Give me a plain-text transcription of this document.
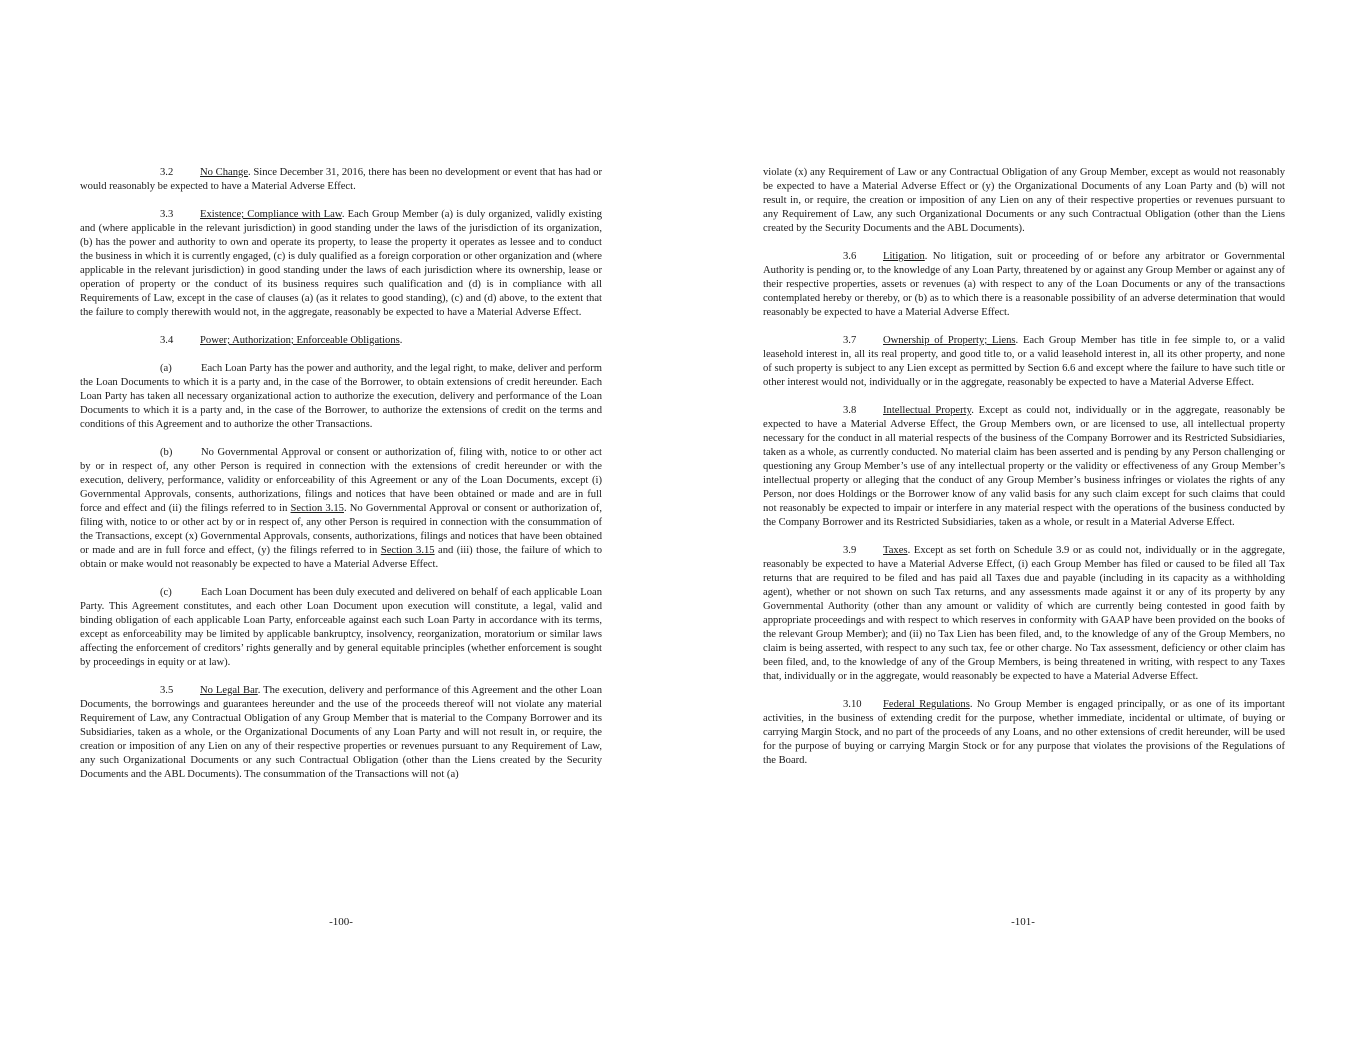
3.2	No Change. Since December 31, 2016, there has been no development or event that has had or would reasonably be expected to have a Material Adverse Effect.

3.3	Existence; Compliance with Law. Each Group Member (a) is duly organized, validly existing and (where applicable in the relevant jurisdiction) in good standing under the laws of the jurisdiction of its organization, (b) has the power and authority to own and operate its property, to lease the property it operates as lessee and to conduct the business in which it is currently engaged, (c) is duly qualified as a foreign corporation or other organization and (where applicable in the relevant jurisdiction) in good standing under the laws of each jurisdiction where its ownership, lease or operation of property or the conduct of its business requires such qualification and (d) is in compliance with all Requirements of Law, except in the case of clauses (a) (as it relates to good standing), (c) and (d) above, to the extent that the failure to comply therewith would not, in the aggregate, reasonably be expected to have a Material Adverse Effect.

3.4	Power; Authorization; Enforceable Obligations.

(a)	Each Loan Party has the power and authority, and the legal right, to make, deliver and perform the Loan Documents to which it is a party and, in the case of the Borrower, to obtain extensions of credit hereunder. Each Loan Party has taken all necessary organizational action to authorize the execution, delivery and performance of the Loan Documents to which it is a party and, in the case of the Borrower, to authorize the extensions of credit on the terms and conditions of this Agreement and to authorize the other Transactions.

(b)	No Governmental Approval or consent or authorization of, filing with, notice to or other act by or in respect of, any other Person is required in connection with the extensions of credit hereunder or with the execution, delivery, performance, validity or enforceability of this Agreement or any of the Loan Documents, except (i) Governmental Approvals, consents, authorizations, filings and notices that have been obtained or made and are in full force and effect and (ii) the filings referred to in Section 3.15. No Governmental Approval or consent or authorization of, filing with, notice to or other act by or in respect of, any other Person is required in connection with the consummation of the Transactions, except (x) Governmental Approvals, consents, authorizations, filings and notices that have been obtained or made and are in full force and effect, (y) the filings referred to in Section 3.15 and (iii) those, the failure of which to obtain or make would not reasonably be expected to have a Material Adverse Effect.

(c)	Each Loan Document has been duly executed and delivered on behalf of each applicable Loan Party. This Agreement constitutes, and each other Loan Document upon execution will constitute, a legal, valid and binding obligation of each applicable Loan Party, enforceable against each such Loan Party in accordance with its terms, except as enforceability may be limited by applicable bankruptcy, insolvency, reorganization, moratorium or similar laws affecting the enforcement of creditors’ rights generally and by general equitable principles (whether enforcement is sought by proceedings in equity or at law).

3.5	No Legal Bar. The execution, delivery and performance of this Agreement and the other Loan Documents, the borrowings and guarantees hereunder and the use of the proceeds thereof will not violate any material Requirement of Law, any Contractual Obligation of any Group Member that is material to the Company Borrower and its Subsidiaries, taken as a whole, or the Organizational Documents of any Loan Party and will not result in, or require, the creation or imposition of any Lien on any of their respective properties or revenues pursuant to any Requirement of Law, any such Organizational Documents or any such Contractual Obligation (other than the Liens created by the Security Documents and the ABL Documents). The consummation of the Transactions will not (a)

-100-

violate (x) any Requirement of Law or any Contractual Obligation of any Group Member, except as would not reasonably be expected to have a Material Adverse Effect or (y) the Organizational Documents of any Loan Party and (b) will not result in, or require, the creation or imposition of any Lien on any of their respective properties or revenues pursuant to any Requirement of Law, any such Organizational Documents or any such Contractual Obligation (other than the Liens created by the Security Documents and the ABL Documents).

3.6	Litigation. No litigation, suit or proceeding of or before any arbitrator or Governmental Authority is pending or, to the knowledge of any Loan Party, threatened by or against any Group Member or against any of their respective properties, assets or revenues (a) with respect to any of the Loan Documents or any of the transactions contemplated hereby or thereby, or (b) as to which there is a reasonable possibility of an adverse determination that would reasonably be expected to have a Material Adverse Effect.

3.7	Ownership of Property; Liens. Each Group Member has title in fee simple to, or a valid leasehold interest in, all its real property, and good title to, or a valid leasehold interest in, all its other property, and none of such property is subject to any Lien except as permitted by Section 6.6 and except where the failure to have such title or other interest would not, individually or in the aggregate, reasonably be expected to have a Material Adverse Effect.

3.8	Intellectual Property. Except as could not, individually or in the aggregate, reasonably be expected to have a Material Adverse Effect, the Group Members own, or are licensed to use, all intellectual property necessary for the conduct in all material respects of the business of the Company Borrower and its Restricted Subsidiaries, taken as a whole, as currently conducted. No material claim has been asserted and is pending by any Person challenging or questioning any Group Member’s use of any intellectual property or the validity or effectiveness of any Group Member’s intellectual property or alleging that the conduct of any Group Member’s business infringes or violates the rights of any Person, nor does Holdings or the Borrower know of any valid basis for any such claim except for such claims that could not reasonably be expected to impair or interfere in any material respect with the operations of the business conducted by the Company Borrower and its Restricted Subsidiaries, taken as a whole, or result in a Material Adverse Effect.

3.9	Taxes. Except as set forth on Schedule 3.9 or as could not, individually or in the aggregate, reasonably be expected to have a Material Adverse Effect, (i) each Group Member has filed or caused to be filed all Tax returns that are required to be filed and has paid all Taxes due and payable (including in its capacity as a withholding agent), whether or not shown on such Tax returns, and any assessments made against it or any of its property by any Governmental Authority (other than any amount or validity of which are currently being contested in good faith by appropriate proceedings and with respect to which reserves in conformity with GAAP have been provided on the books of the relevant Group Member); and (ii) no Tax Lien has been filed, and, to the knowledge of any of the Group Members, no claim is being asserted, with respect to any such tax, fee or other charge. No Tax assessment, deficiency or other claim has been filed, and, to the knowledge of any of the Group Members, is being threatened in writing, with respect to any Taxes that, individually or in the aggregate, would reasonably be expected to have a Material Adverse Effect.

3.10 Federal Regulations. No Group Member is engaged principally, or as one of its important activities, in the business of extending credit for the purpose, whether immediate, incidental or ultimate, of buying or carrying Margin Stock, and no part of the proceeds of any Loans, and no other extensions of credit hereunder, will be used for the purpose of buying or carrying Margin Stock or for any purpose that violates the provisions of the Regulations of the Board.

-101-
